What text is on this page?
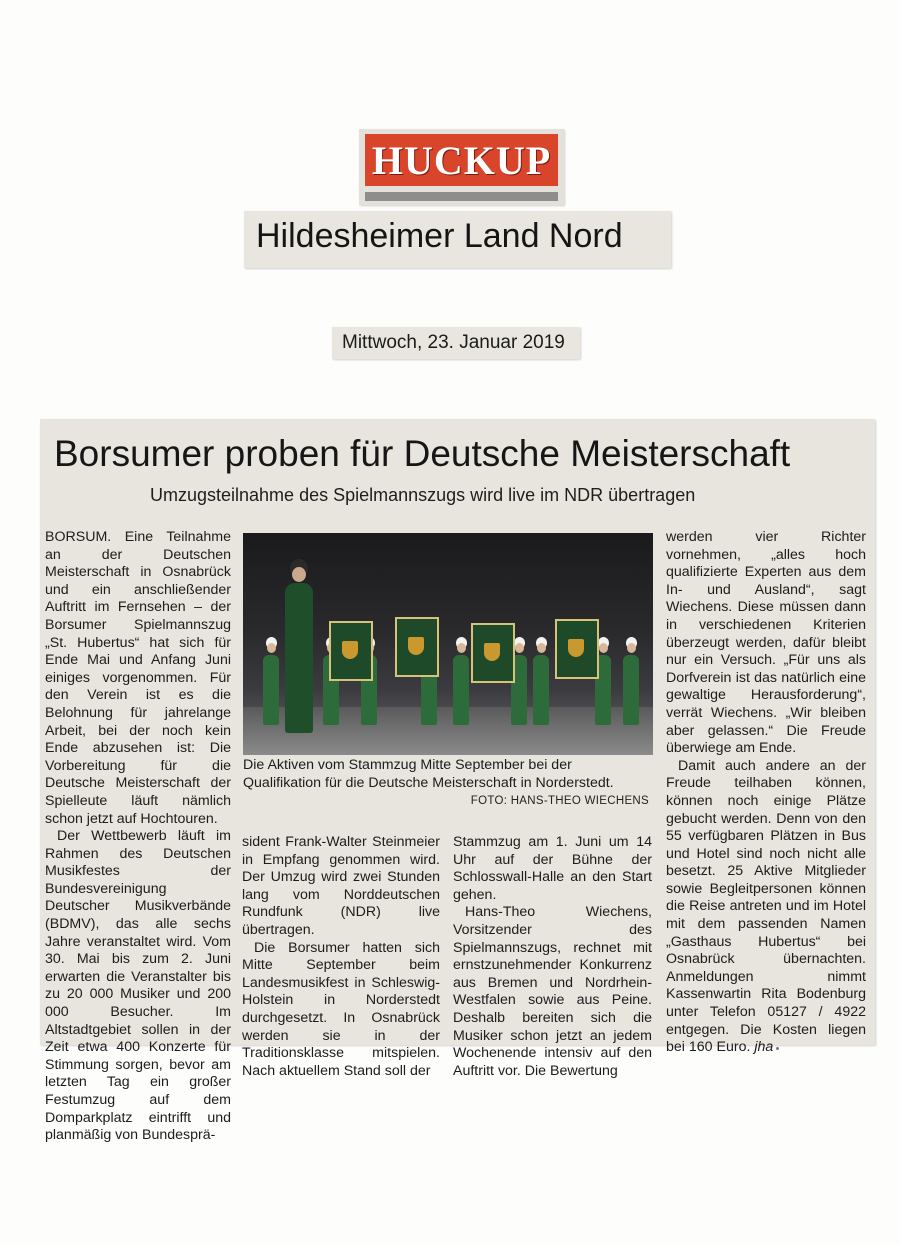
HUCKUP
Hildesheimer Land Nord
Mittwoch, 23. Januar 2019
Borsumer proben für Deutsche Meisterschaft
Umzugsteilnahme des Spielmannszugs wird live im NDR übertragen

BORSUM. Eine Teilnahme an der Deutschen Meisterschaft in Osnabrück und ein anschließender Auftritt im Fernsehen – der Borsumer Spielmannszug „St. Hubertus“ hat sich für Ende Mai und Anfang Juni einiges vorgenommen. Für den Verein ist es die Belohnung für jahrelange Arbeit, bei der noch kein Ende abzusehen ist: Die Vorbereitung für die Deutsche Meisterschaft der Spielleute läuft nämlich schon jetzt auf Hochtouren.

Der Wettbewerb läuft im Rahmen des Deutschen Musikfestes der Bundesvereinigung Deutscher Musikverbände (BDMV), das alle sechs Jahre veranstaltet wird. Vom 30. Mai bis zum 2. Juni erwarten die Veranstalter bis zu 20 000 Musiker und 200 000 Besucher. Im Altstadtgebiet sollen in der Zeit etwa 400 Konzerte für Stimmung sorgen, bevor am letzten Tag ein großer Festumzug auf dem Domparkplatz eintrifft und planmäßig von Bundesprä-

Die Aktiven vom Stammzug Mitte September bei der Qualifikation für die Deutsche Meisterschaft in Norderstedt.
FOTO: HANS-THEO WIECHENS

sident Frank-Walter Steinmeier in Empfang genommen wird. Der Umzug wird zwei Stunden lang vom Norddeutschen Rundfunk (NDR) live übertragen.

Die Borsumer hatten sich Mitte September beim Landesmusikfest in Schleswig-Holstein in Norderstedt durchgesetzt. In Osnabrück werden sie in der Traditionsklasse mitspielen. Nach aktuellem Stand soll der

Stammzug am 1. Juni um 14 Uhr auf der Bühne der Schlosswall-Halle an den Start gehen.

Hans-Theo Wiechens, Vorsitzender des Spielmannszugs, rechnet mit ernstzunehmender Konkurrenz aus Bremen und Nordrhein-Westfalen sowie aus Peine. Deshalb bereiten sich die Musiker schon jetzt an jedem Wochenende intensiv auf den Auftritt vor. Die Bewertung

werden vier Richter vornehmen, „alles hoch qualifizierte Experten aus dem In- und Ausland“, sagt Wiechens. Diese müssen dann in verschiedenen Kriterien überzeugt werden, dafür bleibt nur ein Versuch. „Für uns als Dorfverein ist das natürlich eine gewaltige Herausforderung“, verrät Wiechens. „Wir bleiben aber gelassen.“ Die Freude überwiege am Ende.

Damit auch andere an der Freude teilhaben können, können noch einige Plätze gebucht werden. Denn von den 55 verfügbaren Plätzen in Bus und Hotel sind noch nicht alle besetzt. 25 Aktive Mitglieder sowie Begleitpersonen können die Reise antreten und im Hotel mit dem passenden Namen „Gasthaus Hubertus“ bei Osnabrück übernachten. Anmeldungen nimmt Kassenwartin Rita Bodenburg unter Telefon 05127 / 4922 entgegen. Die Kosten liegen bei 160 Euro. jha
